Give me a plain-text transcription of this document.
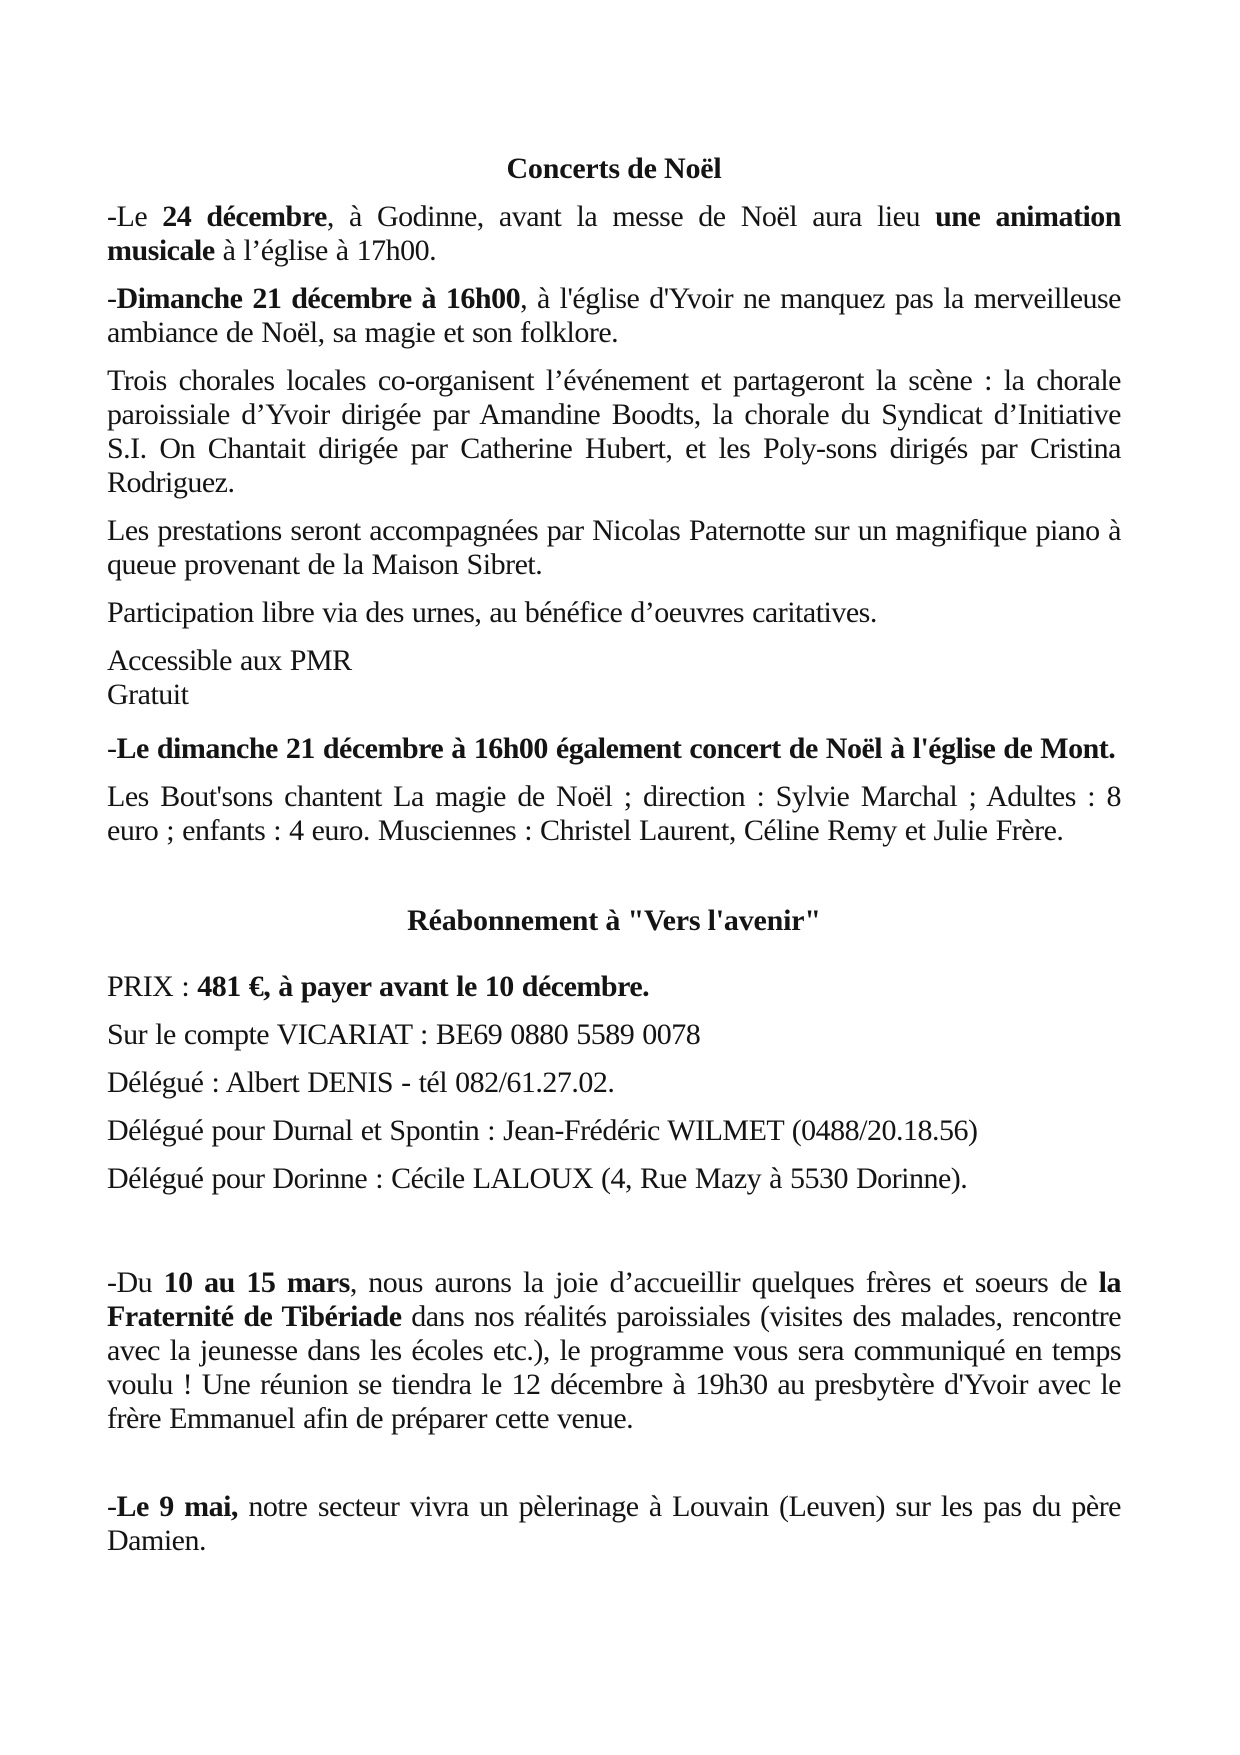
Concerts de Noël

-Le 24 décembre, à Godinne, avant la messe de Noël aura lieu une animation musicale à l’église à 17h00.

-Dimanche 21 décembre à 16h00, à l'église d'Yvoir ne manquez pas la merveilleuse ambiance de Noël, sa magie et son folklore.

Trois chorales locales co-organisent l’événement et partageront la scène : la chorale paroissiale d’Yvoir dirigée par Amandine Boodts, la chorale du Syndicat d’Initiative S.I. On Chantait dirigée par Catherine Hubert, et les Poly-sons dirigés par Cristina Rodriguez.

Les prestations seront accompagnées par Nicolas Paternotte sur un magnifique piano à queue provenant de la Maison Sibret.

Participation libre via des urnes, au bénéfice d’oeuvres caritatives.

Accessible aux PMR
Gratuit

-Le dimanche 21 décembre à 16h00 également concert de Noël à l'église de Mont.

Les Bout'sons chantent La magie de Noël ; direction : Sylvie Marchal ; Adultes : 8 euro ; enfants : 4 euro. Musciennes : Christel Laurent, Céline Remy et Julie Frère.

Réabonnement à "Vers l'avenir"

PRIX : 481 €, à payer avant le 10 décembre.

Sur le compte VICARIAT : BE69 0880 5589 0078

Délégué : Albert DENIS - tél 082/61.27.02.

Délégué pour Durnal et Spontin : Jean-Frédéric WILMET (0488/20.18.56)

Délégué pour Dorinne : Cécile LALOUX (4, Rue Mazy à 5530 Dorinne).

-Du 10 au 15 mars, nous aurons la joie d’accueillir quelques frères et soeurs de la Fraternité de Tibériade dans nos réalités paroissiales (visites des malades, rencontre avec la jeunesse dans les écoles etc.), le programme vous sera communiqué en temps voulu ! Une réunion se tiendra le 12 décembre à 19h30 au presbytère d'Yvoir avec le frère Emmanuel afin de préparer cette venue.

-Le 9 mai, notre secteur vivra un pèlerinage à Louvain (Leuven) sur les pas du père Damien.
